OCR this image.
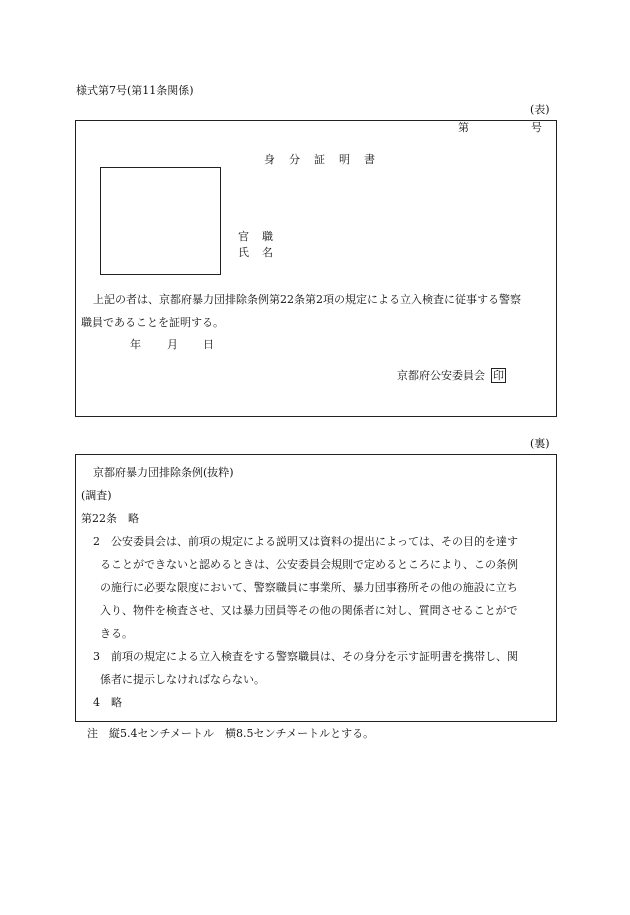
様式第7号(第11条関係)
(表)
第	号
身 分 証 明 書
官 職
氏 名
上記の者は、京都府暴力団排除条例第22条第2項の規定による立入検査に従事する警察
職員であることを証明する。
年 月 日
京都府公安委員会 印
(裏)
京都府暴力団排除条例(抜粋)
(調査)
第22条　略
2　公安委員会は、前項の規定による説明又は資料の提出によっては、その目的を達す
ることができないと認めるときは、公安委員会規則で定めるところにより、この条例
の施行に必要な限度において、警察職員に事業所、暴力団事務所その他の施設に立ち
入り、物件を検査させ、又は暴力団員等その他の関係者に対し、質問させることがで
きる。
3　前項の規定による立入検査をする警察職員は、その身分を示す証明書を携帯し、関
係者に提示しなければならない。
4　略
注　縦5.4センチメートル　横8.5センチメートルとする。
